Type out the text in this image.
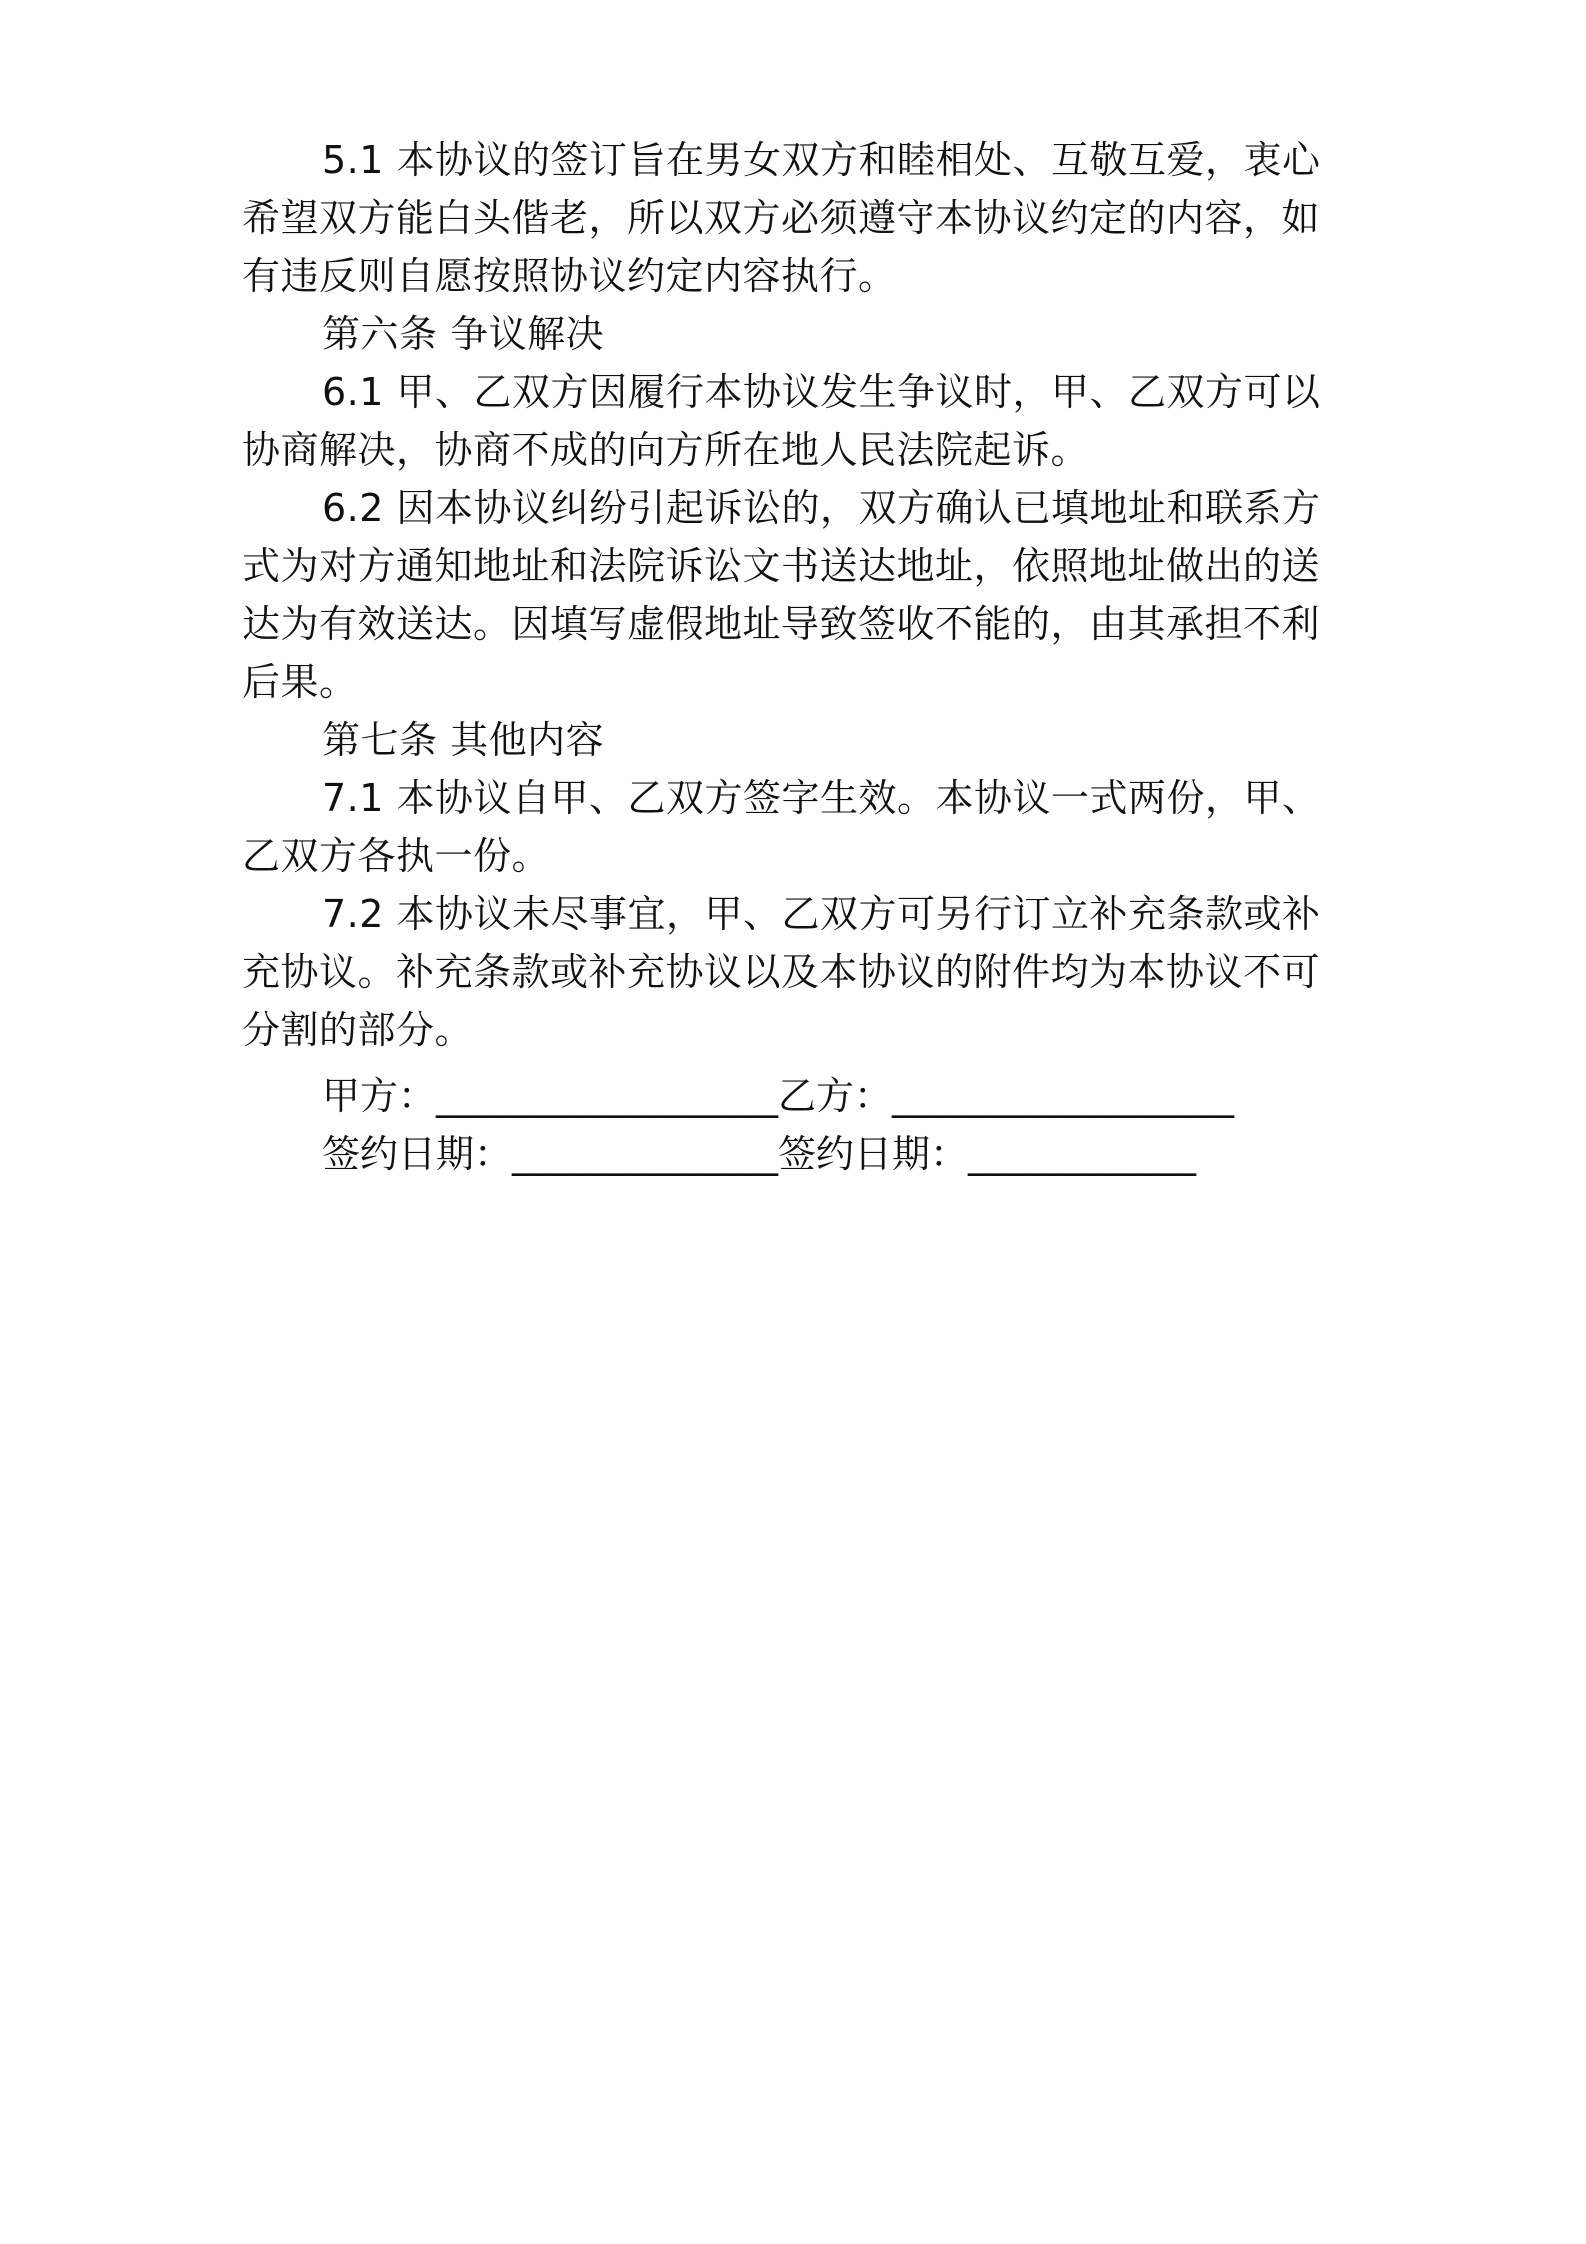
5.1 本协议的签订旨在男女双方和睦相处、互敬互爱，衷心
希望双方能白头偕老，所以双方必须遵守本协议约定的内容，如
有违反则自愿按照协议约定内容执行。
第六条 争议解决
6.1 甲、乙双方因履行本协议发生争议时，甲、乙双方可以
协商解决，协商不成的向方所在地人民法院起诉。
6.2 因本协议纠纷引起诉讼的，双方确认已填地址和联系方
式为对方通知地址和法院诉讼文书送达地址，依照地址做出的送
达为有效送达。因填写虚假地址导致签收不能的，由其承担不利
后果。
第七条 其他内容
7.1 本协议自甲、乙双方签字生效。本协议一式两份，甲、
乙双方各执一份。
7.2 本协议未尽事宜，甲、乙双方可另行订立补充条款或补
充协议。补充条款或补充协议以及本协议的附件均为本协议不可
分割的部分。
甲方：__________________乙方：__________________
签约日期：______________签约日期：____________
